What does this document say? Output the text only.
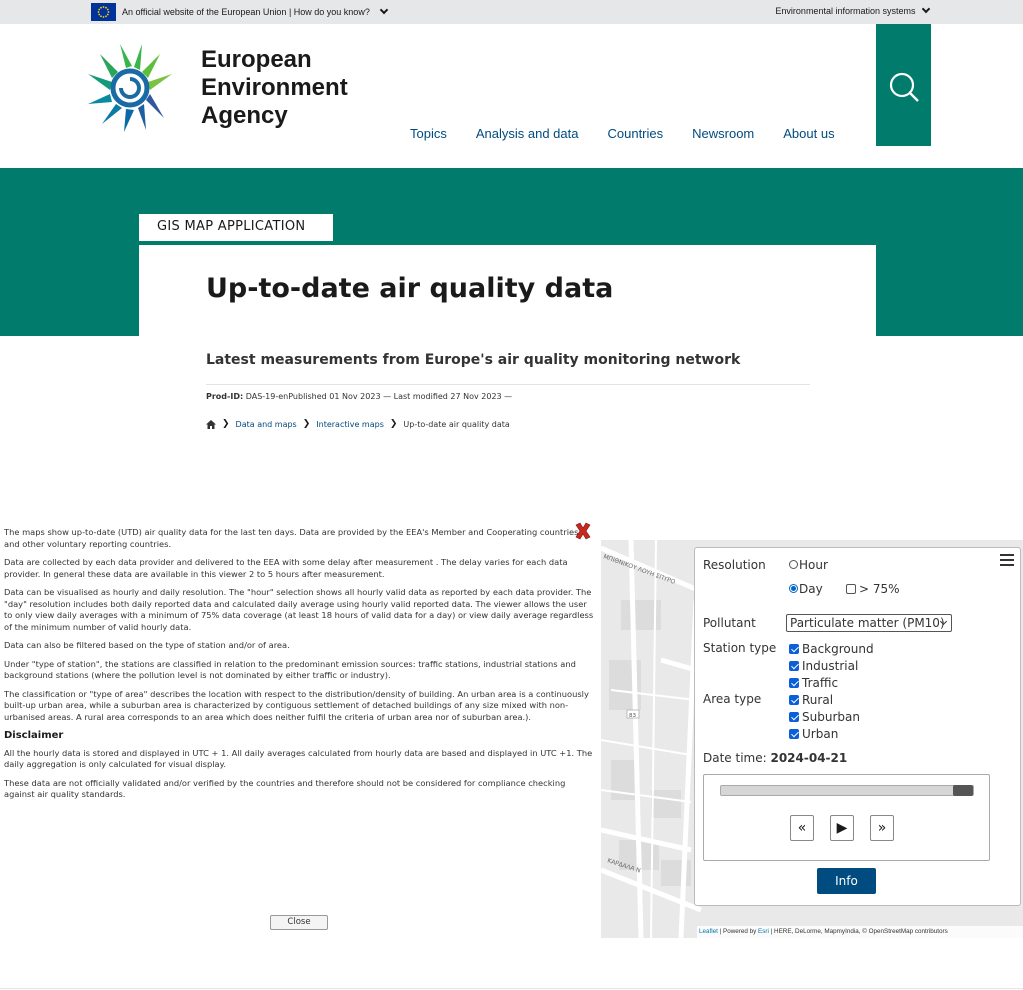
An official website of the European Union | How do you know?	Environmental information systems
European
Environment
Agency
Topics Analysis and data Countries Newsroom About us
GIS MAP APPLICATION
Up-to-date air quality data
Latest measurements from Europe's air quality monitoring network
Prod-ID: DAS-19-enPublished 01 Nov 2023 — Last modified 27 Nov 2023 —
❯ Data and maps ❯ Interactive maps ❯ Up-to-date air quality data

The maps show up-to-date (UTD) air quality data for the last ten days. Data are provided by the EEA's Member and Cooperating countries and other voluntary reporting countries.

Data are collected by each data provider and delivered to the EEA with some delay after measurement . The delay varies for each data provider. In general these data are available in this viewer 2 to 5 hours after measurement.

Data can be visualised as hourly and daily resolution. The "hour" selection shows all hourly valid data as reported by each data provider. The "day" resolution includes both daily reported data and calculated daily average using hourly valid reported data. The viewer allows the user to only view daily averages with a minimum of 75% data coverage (at least 18 hours of valid data for a day) or view daily average regardless of the minimum number of valid hourly data.

Data can also be filtered based on the type of station and/or of area.

Under "type of station", the stations are classified in relation to the predominant emission sources: traffic stations, industrial stations and background stations (where the pollution level is not dominated by either traffic or industry).

The classification or "type of area" describes the location with respect to the distribution/density of building. An urban area is a continuously built-up urban area, while a suburban area is characterized by contiguous settlement of detached buildings of any size mixed with non-urbanised areas. A rural area corresponds to an area which does neither fulfil the criteria of urban area nor of suburban area.).

Disclaimer

All the hourly data is stored and displayed in UTC + 1. All daily averages calculated from hourly data are based and displayed in UTC +1. The daily aggregation is only calculated for visual display.

These data are not officially validated and/or verified by the countries and therefore should not be considered for compliance checking against air quality standards.

Close
ΜΠΙΘΝΙΚΟΥ ΛΟΥΗ ΣΠΥΡΟ
83
ΚΑΡΔΑΛΑ Ν
Leaflet | Powered by Esri | HERE, DeLorme, MapmyIndia, © OpenStreetMap contributors
Resolution	Hour
Day	> 75%
Pollutant	Particulate matter (PM10)
Station type	Background
Industrial
Traffic
Area type	Rural
Suburban
Urban
Date time: 2024-04-21
«	▶	»
Info
